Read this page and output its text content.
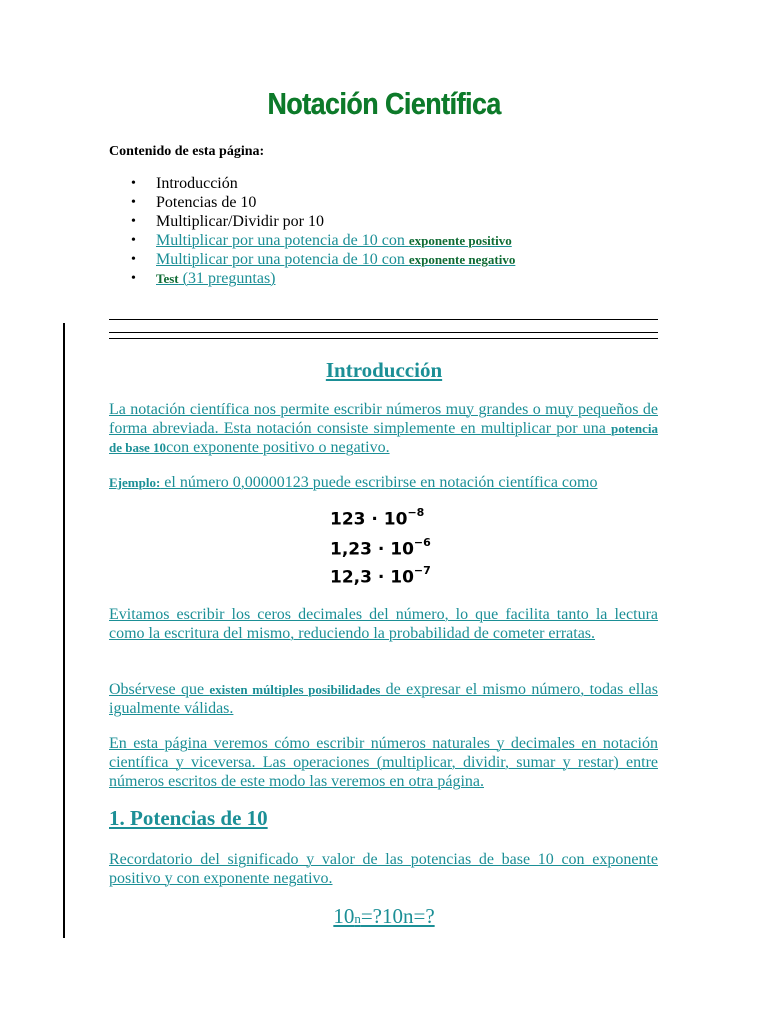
Notación Científica
Contenido de esta página:
• Introducción
• Potencias de 10
• Multiplicar/Dividir por 10
• Multiplicar por una potencia de 10 con exponente positivo
• Multiplicar por una potencia de 10 con exponente negativo
• Test (31 preguntas)
Introducción
La notación científica nos permite escribir números muy grandes o muy pequeños de forma abreviada. Esta notación consiste simplemente en multiplicar por una potencia de base 10con exponente positivo o negativo.
Ejemplo: el número 0,00000123 puede escribirse en notación científica como
$123 \cdot 10^{-8}$
$1,23 \cdot 10^{-6}$
$12,3 \cdot 10^{-7}$
Evitamos escribir los ceros decimales del número, lo que facilita tanto la lectura como la escritura del mismo, reduciendo la probabilidad de cometer erratas.
Obsérvese que existen múltiples posibilidades de expresar el mismo número, todas ellas igualmente válidas.
En esta página veremos cómo escribir números naturales y decimales en notación científica y viceversa. Las operaciones (multiplicar, dividir, sumar y restar) entre números escritos de este modo las veremos en otra página.
1. Potencias de 10
Recordatorio del significado y valor de las potencias de base 10 con exponente positivo y con exponente negativo.
10n=?10n=?
